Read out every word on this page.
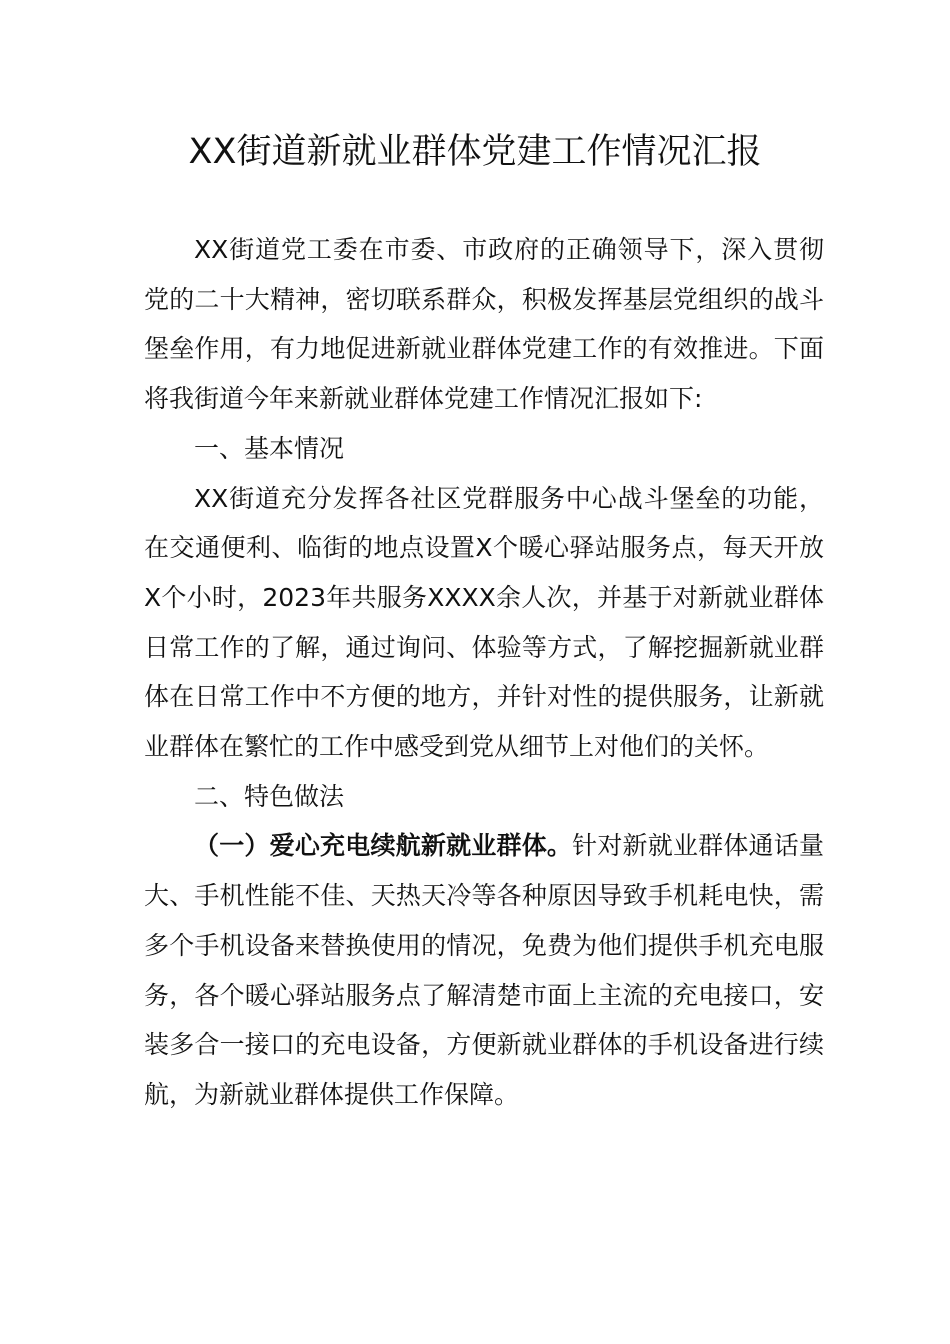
XX街道新就业群体党建工作情况汇报

XX街道党工委在市委、市政府的正确领导下，深入贯彻党的二十大精神，密切联系群众，积极发挥基层党组织的战斗堡垒作用，有力地促进新就业群体党建工作的有效推进。下面将我街道今年来新就业群体党建工作情况汇报如下:

一、基本情况

XX街道充分发挥各社区党群服务中心战斗堡垒的功能，在交通便利、临街的地点设置X个暖心驿站服务点，每天开放X个小时，2023年共服务XXXX余人次，并基于对新就业群体日常工作的了解，通过询问、体验等方式，了解挖掘新就业群体在日常工作中不方便的地方，并针对性的提供服务，让新就业群体在繁忙的工作中感受到党从细节上对他们的关怀。

二、特色做法

（一）爱心充电续航新就业群体。针对新就业群体通话量大、手机性能不佳、天热天冷等各种原因导致手机耗电快，需多个手机设备来替换使用的情况，免费为他们提供手机充电服务，各个暖心驿站服务点了解清楚市面上主流的充电接口，安装多合一接口的充电设备，方便新就业群体的手机设备进行续航，为新就业群体提供工作保障。
